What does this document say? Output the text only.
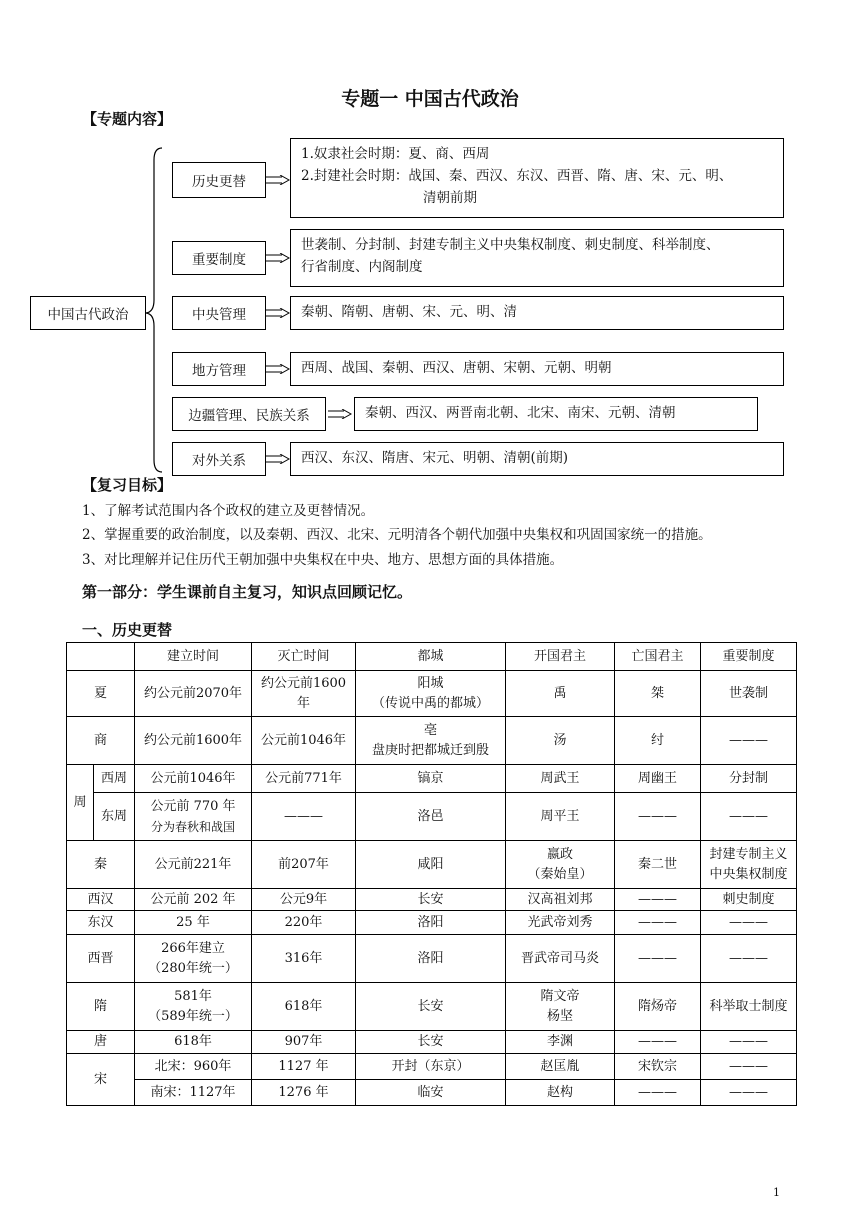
专题一 中国古代政治
【专题内容】
中国古代政治
历史更替
1.奴隶社会时期：夏、商、西周
2.封建社会时期：战国、秦、西汉、东汉、西晋、隋、唐、宋、元、明、
清朝前期
重要制度
世袭制、分封制、封建专制主义中央集权制度、刺史制度、科举制度、
行省制度、内阁制度
中央管理	秦朝、隋朝、唐朝、宋、元、明、清
地方管理	西周、战国、秦朝、西汉、唐朝、宋朝、元朝、明朝
边疆管理、民族关系	秦朝、西汉、两晋南北朝、北宋、南宋、元朝、清朝
对外关系	西汉、东汉、隋唐、宋元、明朝、清朝(前期)
【复习目标】
1、了解考试范围内各个政权的建立及更替情况。
2、掌握重要的政治制度，以及秦朝、西汉、北宋、元明清各个朝代加强中央集权和巩固国家统一的措施。
3、对比理解并记住历代王朝加强中央集权在中央、地方、思想方面的具体措施。
第一部分：学生课前自主复习，知识点回顾记忆。
一、历史更替
		建立时间	灭亡时间	都城	开国君主	亡国君主	重要制度
夏		约公元前2070年	约公元前1600
年	阳城
（传说中禹的都城）	禹	桀	世袭制
商		约公元前1600年	公元前1046年	亳
盘庚时把都城迁到殷	汤	纣	———
周	西周	公元前1046年	公元前771年	镐京	周武王	周幽王	分封制
	东周	公元前 770 年
分为春秋和战国	———	洛邑	周平王	———	———
秦		公元前221年	前207年	咸阳	嬴政
（秦始皇）	秦二世	封建专制主义
中央集权制度
西汉		公元前 202 年	公元9年	长安	汉高祖刘邦	———	刺史制度
东汉		25 年	220年	洛阳	光武帝刘秀	———	———
西晋		266年建立
（280年统一）	316年	洛阳	晋武帝司马炎	———	———
隋		581年
（589年统一）	618年	长安	隋文帝
杨坚	隋炀帝	科举取士制度
唐		618年	907年	长安	李渊	———	———
宋		北宋：960年	1127 年	开封（东京）	赵匡胤	宋钦宗	———
		南宋：1127年	1276 年	临安	赵构	———	———
1
